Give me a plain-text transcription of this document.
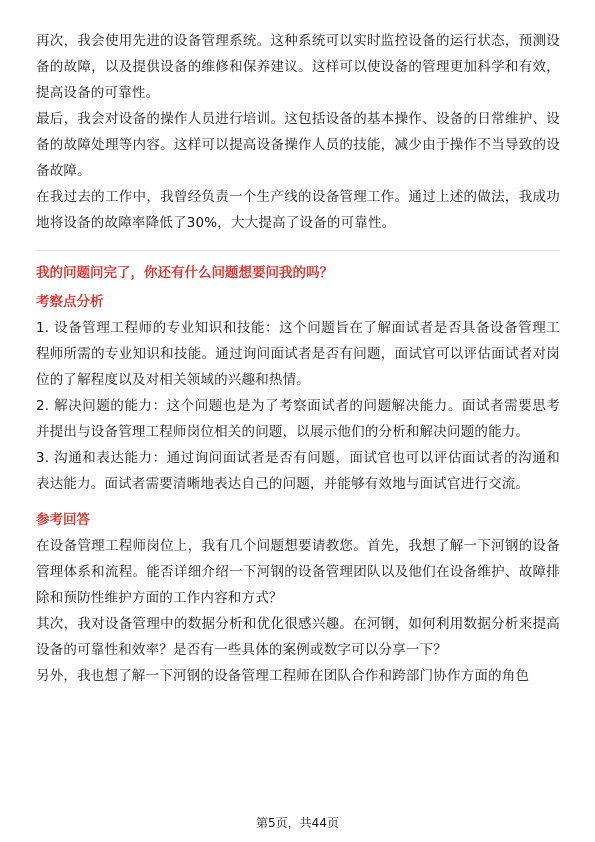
再次，我会使用先进的设备管理系统。这种系统可以实时监控设备的运行状态，预测设备的故障，以及提供设备的维修和保养建议。这样可以使设备的管理更加科学和有效，提高设备的可靠性。

最后，我会对设备的操作人员进行培训。这包括设备的基本操作、设备的日常维护、设备的故障处理等内容。这样可以提高设备操作人员的技能，减少由于操作不当导致的设备故障。

在我过去的工作中，我曾经负责一个生产线的设备管理工作。通过上述的做法，我成功地将设备的故障率降低了30%，大大提高了设备的可靠性。

我的问题问完了，你还有什么问题想要问我的吗？

考察点分析

1. 设备管理工程师的专业知识和技能：这个问题旨在了解面试者是否具备设备管理工程师所需的专业知识和技能。通过询问面试者是否有问题，面试官可以评估面试者对岗位的了解程度以及对相关领域的兴趣和热情。

2. 解决问题的能力：这个问题也是为了考察面试者的问题解决能力。面试者需要思考并提出与设备管理工程师岗位相关的问题，以展示他们的分析和解决问题的能力。

3. 沟通和表达能力：通过询问面试者是否有问题，面试官也可以评估面试者的沟通和表达能力。面试者需要清晰地表达自己的问题，并能够有效地与面试官进行交流。

参考回答

在设备管理工程师岗位上，我有几个问题想要请教您。首先，我想了解一下河钢的设备管理体系和流程。能否详细介绍一下河钢的设备管理团队以及他们在设备维护、故障排除和预防性维护方面的工作内容和方式？

其次，我对设备管理中的数据分析和优化很感兴趣。在河钢，如何利用数据分析来提高设备的可靠性和效率？是否有一些具体的案例或数字可以分享一下？

另外，我也想了解一下河钢的设备管理工程师在团队合作和跨部门协作方面的角色

第5页，共44页
